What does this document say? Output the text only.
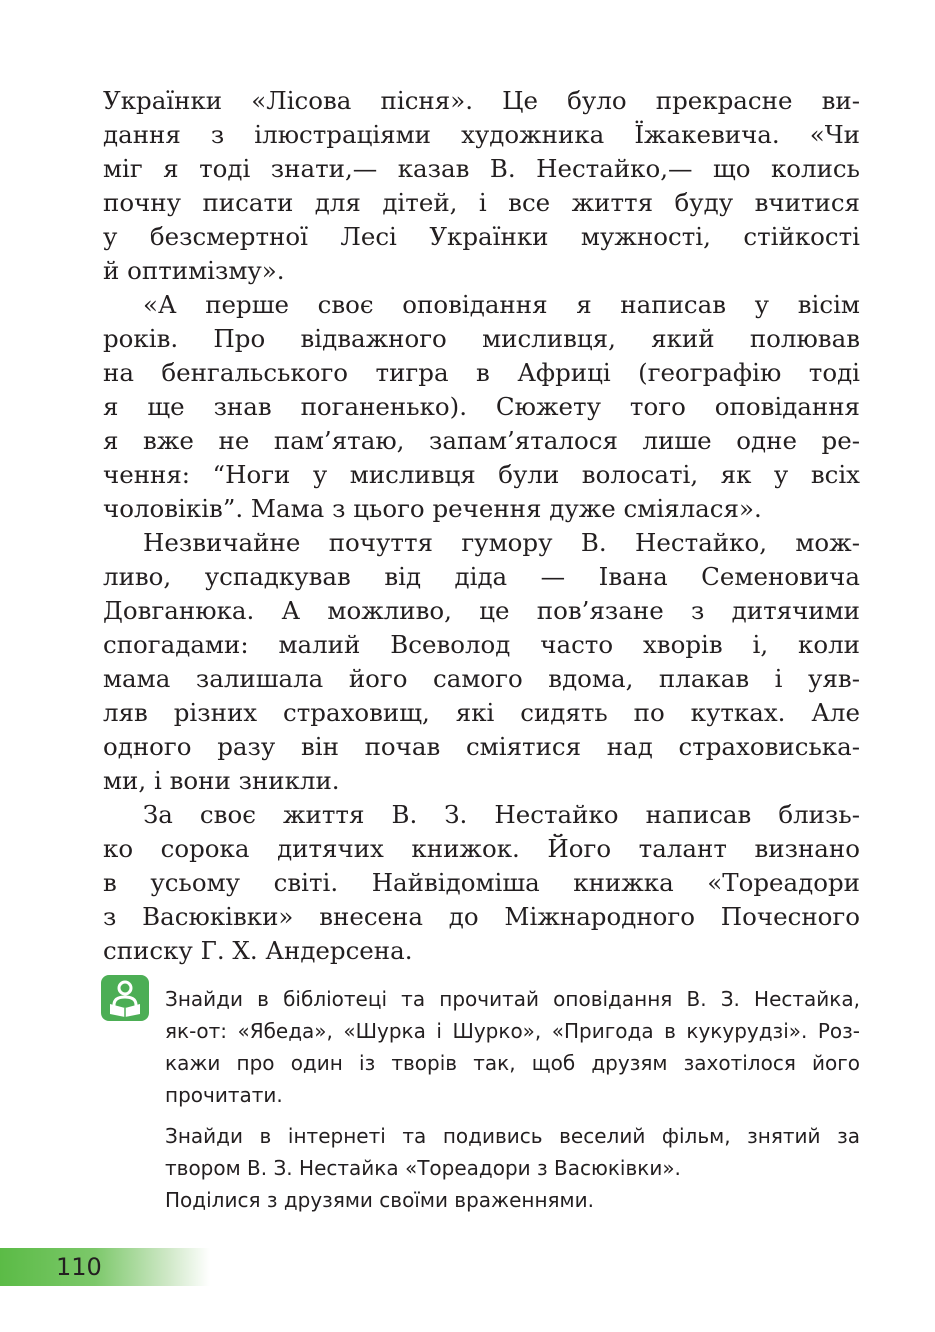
Українки «Лісова пісня». Це було прекрасне ви-
дання з ілюстраціями художника Їжакевича. «Чи
міг я тоді знати,— казав В. Нестайко,— що колись
почну писати для дітей, і все життя буду вчитися
у безсмертної Лесі Українки мужності, стійкості
й оптимізму».
«А перше своє оповідання я написав у вісім
років. Про відважного мисливця, який полював
на бенгальського тигра в Африці (географію тоді
я ще знав поганенько). Сюжету того оповідання
я вже не пам’ятаю, запам’яталося лише одне ре-
чення: “Ноги у мисливця були волосаті, як у всіх
чоловіків”. Мама з цього речення дуже сміялася».
Незвичайне почуття гумору В. Нестайко, мож-
ливо, успадкував від діда — Івана Семеновича
Довганюка. А можливо, це пов’язане з дитячими
спогадами: малий Всеволод часто хворів і, коли
мама залишала його самого вдома, плакав і уяв-
ляв різних страховищ, які сидять по кутках. Але
одного разу він почав сміятися над страховиська-
ми, і вони зникли.
За своє життя В. З. Нестайко написав близь-
ко сорока дитячих книжок. Його талант визнано
в усьому світі. Найвідоміша книжка «Тореадори
з Васюківки» внесена до Міжнародного Почесного
списку Г. Х. Андерсена.
Знайди в бібліотеці та прочитай оповідання В. З. Нестайка,
як-от: «Ябеда», «Шурка і Шурко», «Пригода в кукурудзі». Роз-
кажи про один із творів так, щоб друзям захотілося його
прочитати.
Знайди в інтернеті та подивись веселий фільм, знятий за
твором В. З. Нестайка «Тореадори з Васюківки».
Поділися з друзями своїми враженнями.
110
